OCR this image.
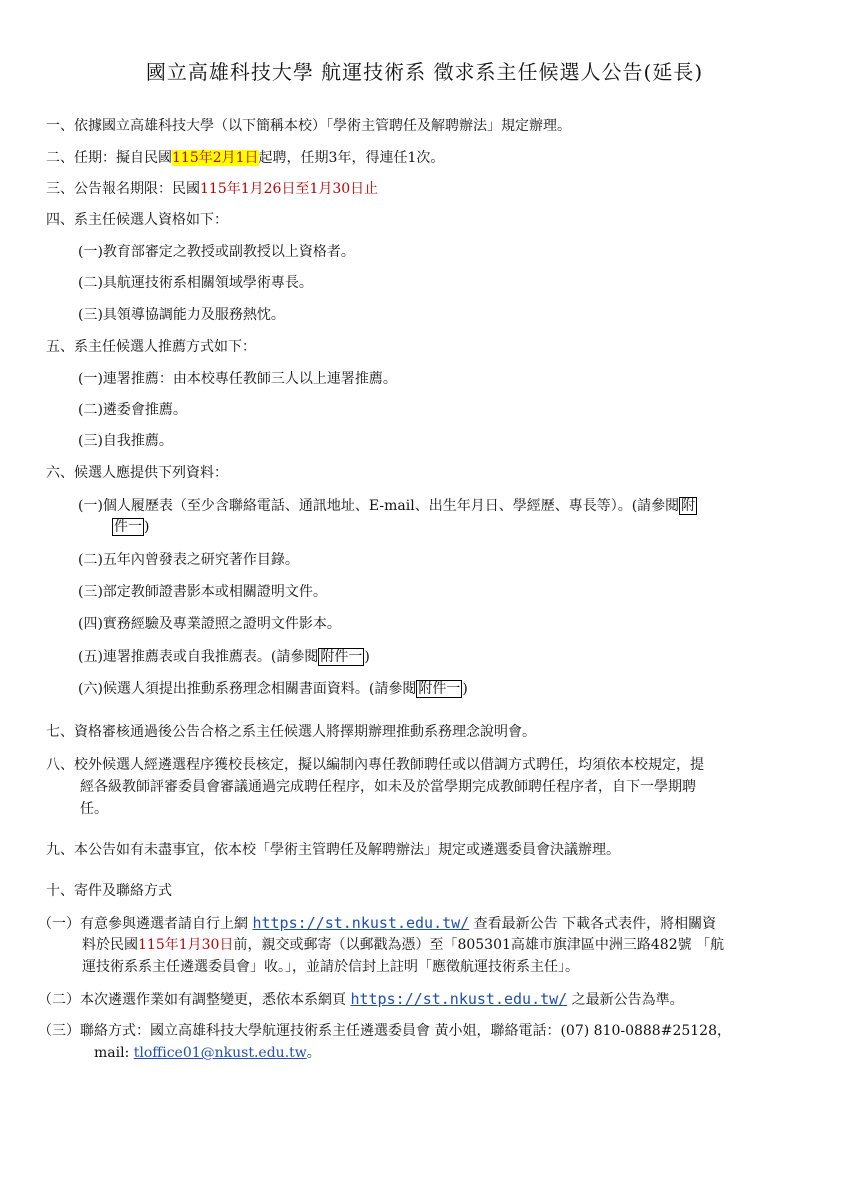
國立高雄科技大學 航運技術系 徵求系主任候選人公告(延長)
一、依據國立高雄科技大學（以下簡稱本校）「學術主管聘任及解聘辦法」規定辦理。
二、任期：擬自民國115年2月1日起聘，任期3年，得連任1次。
三、公告報名期限：民國115年1月26日至1月30日止
四、系主任候選人資格如下：
(一)教育部審定之教授或副教授以上資格者。
(二)具航運技術系相關領域學術專長。
(三)具領導協調能力及服務熱忱。
五、系主任候選人推薦方式如下：
(一)連署推薦：由本校專任教師三人以上連署推薦。
(二)遴委會推薦。
(三)自我推薦。
六、候選人應提供下列資料：
(一)個人履歷表（至少含聯絡電話、通訊地址、E-mail、出生年月日、學經歷、專長等）。(請參閱 附
件一 )
(二)五年內曾發表之研究著作目錄。
(三)部定教師證書影本或相關證明文件。
(四)實務經驗及專業證照之證明文件影本。
(五)連署推薦表或自我推薦表。(請參閱 附件一 )
(六)候選人須提出推動系務理念相關書面資料。(請參閱 附件一 )
七、資格審核通過後公告合格之系主任候選人將擇期辦理推動系務理念說明會。
八、校外候選人經遴選程序獲校長核定，擬以編制內專任教師聘任或以借調方式聘任，均須依本校規定，提
經各級教師評審委員會審議通過完成聘任程序，如未及於當學期完成教師聘任程序者，自下一學期聘
任。
九、本公告如有未盡事宜，依本校「學術主管聘任及解聘辦法」規定或遴選委員會決議辦理。
十、寄件及聯絡方式
（一）有意參與遴選者請自行上網 https://st.nkust.edu.tw/ 查看最新公告 下載各式表件，將相關資
料於民國115年1月30日前，親交或郵寄（以郵戳為憑）至「805301高雄市旗津區中洲三路482號 「航
運技術系系主任遴選委員會」收。」，並請於信封上註明「應徵航運技術系主任」。
（二）本次遴選作業如有調整變更，悉依本系網頁 https://st.nkust.edu.tw/ 之最新公告為準。
（三）聯絡方式：國立高雄科技大學航運技術系主任遴選委員會 黃小姐，聯絡電話：(07) 810-0888#25128，
mail: tloffice01@nkust.edu.tw。
